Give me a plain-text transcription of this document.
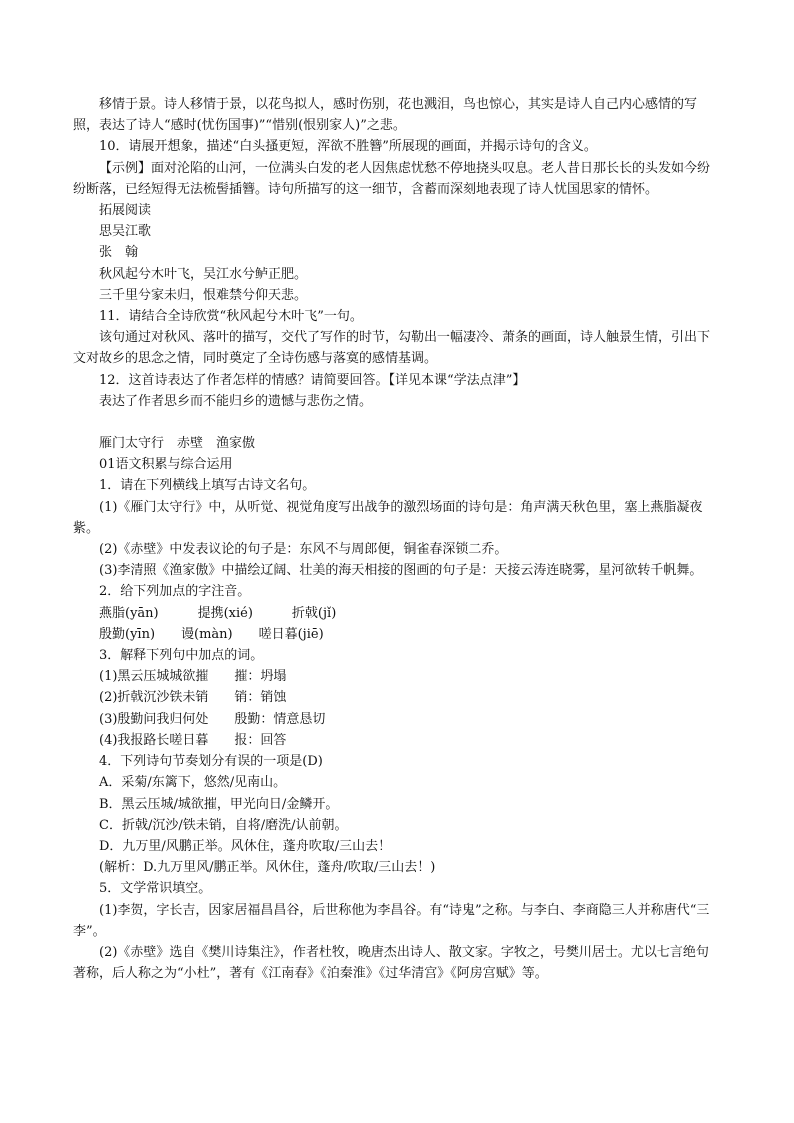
移情于景。诗人移情于景，以花鸟拟人，感时伤别，花也溅泪，鸟也惊心，其实是诗人自己内心感情的写照，表达了诗人“感时(忧伤国事)”“惜别(恨别家人)”之悲。

10．请展开想象，描述“白头搔更短，浑欲不胜簪”所展现的画面，并揭示诗句的含义。

【示例】面对沦陷的山河，一位满头白发的老人因焦虑忧愁不停地挠头叹息。老人昔日那长长的头发如今纷纷断落，已经短得无法梳髻插簪。诗句所描写的这一细节，含蓄而深刻地表现了诗人忧国思家的情怀。

拓展阅读

思吴江歌

张　翰

秋风起兮木叶飞，吴江水兮鲈正肥。

三千里兮家未归，恨难禁兮仰天悲。

11．请结合全诗欣赏“秋风起兮木叶飞”一句。

该句通过对秋风、落叶的描写，交代了写作的时节，勾勒出一幅凄冷、萧条的画面，诗人触景生情，引出下文对故乡的思念之情，同时奠定了全诗伤感与落寞的感情基调。

12．这首诗表达了作者怎样的情感？请简要回答。【详见本课“学法点津”】

表达了作者思乡而不能归乡的遗憾与悲伤之情。

雁门太守行　赤壁　渔家傲

01语文积累与综合运用

1．请在下列横线上填写古诗文名句。

(1)《雁门太守行》中，从听觉、视觉角度写出战争的激烈场面的诗句是：角声满天秋色里，塞上燕脂凝夜紫。

(2)《赤壁》中发表议论的句子是：东风不与周郎便，铜雀春深锁二乔。

(3)李清照《渔家傲》中描绘辽阔、壮美的海天相接的图画的句子是：天接云涛连晓雾，星河欲转千帆舞。

2．给下列加点的字注音。

燕脂(yān)　　　提携(xié)　　　折戟(jǐ)

殷勤(yīn)　　谩(màn)　　嗟日暮(jiē)

3．解释下列句中加点的词。

(1)黑云压城城欲摧　　摧：坍塌

(2)折戟沉沙铁未销　　销：销蚀

(3)殷勤问我归何处　　殷勤：情意恳切

(4)我报路长嗟日暮　　报：回答

4．下列诗句节奏划分有误的一项是(D)

A．采菊/东篱下，悠然/见南山。

B．黑云压城/城欲摧，甲光向日/金鳞开。

C．折戟/沉沙/铁未销，自将/磨洗/认前朝。

D．九万里/风鹏正举。风休住，蓬舟吹取/三山去！

(解析：D.九万里风/鹏正举。风休住，蓬舟/吹取/三山去！)

5．文学常识填空。

(1)李贺，字长吉，因家居福昌昌谷，后世称他为李昌谷。有“诗鬼”之称。与李白、李商隐三人并称唐代“三李”。

(2)《赤壁》选自《樊川诗集注》，作者杜牧，晚唐杰出诗人、散文家。字牧之，号樊川居士。尤以七言绝句著称，后人称之为“小杜”，著有《江南春》《泊秦淮》《过华清宫》《阿房宫赋》等。
